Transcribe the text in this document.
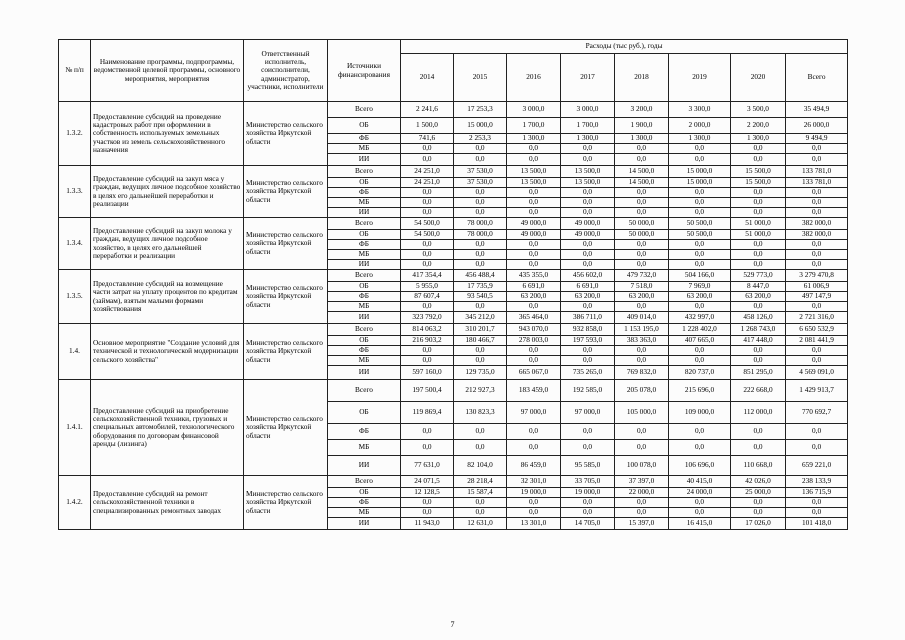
№ п/п	Наименование программы, подпрограммы, ведомственной целевой программы, основного мероприятия, мероприятия	Ответственный исполнитель, соисполнители, администратор, участники, исполнители	Источники финансирования	Расходы (тыс руб.), годы							
				2014	2015	2016	2017	2018	2019	2020	Всего
1.3.2.	Предоставление субсидий на проведение кадастровых работ при оформлении в собственность используемых земельных участков из земель сельскохозяйственного назначения	Министерство сельского хозяйства Иркутской области	Всего	2 241,6	17 253,3	3 000,0	3 000,0	3 200,0	3 300,0	3 500,0	35 494,9
			ОБ	1 500,0	15 000,0	1 700,0	1 700,0	1 900,0	2 000,0	2 200,0	26 000,0
			ФБ	741,6	2 253,3	1 300,0	1 300,0	1 300,0	1 300,0	1 300,0	9 494,9
			МБ	0,0	0,0	0,0	0,0	0,0	0,0	0,0	0,0
			ИИ	0,0	0,0	0,0	0,0	0,0	0,0	0,0	0,0
1.3.3.	Предоставление субсидий на закуп мяса у граждан, ведущих личное подсобное хозяйство в целях его дальнейшей переработки и реализации	Министерство сельского хозяйства Иркутской области	Всего	24 251,0	37 530,0	13 500,0	13 500,0	14 500,0	15 000,0	15 500,0	133 781,0
			ОБ	24 251,0	37 530,0	13 500,0	13 500,0	14 500,0	15 000,0	15 500,0	133 781,0
			ФБ	0,0	0,0	0,0	0,0	0,0	0,0	0,0	0,0
			МБ	0,0	0,0	0,0	0,0	0,0	0,0	0,0	0,0
			ИИ	0,0	0,0	0,0	0,0	0,0	0,0	0,0	0,0
1.3.4.	Предоставление субсидий на закуп молока у граждан, ведущих личное подсобное хозяйство, в целях его дальнейшей переработки и реализации	Министерство сельского хозяйства Иркутской области	Всего	54 500,0	78 000,0	49 000,0	49 000,0	50 000,0	50 500,0	51 000,0	382 000,0
			ОБ	54 500,0	78 000,0	49 000,0	49 000,0	50 000,0	50 500,0	51 000,0	382 000,0
			ФБ	0,0	0,0	0,0	0,0	0,0	0,0	0,0	0,0
			МБ	0,0	0,0	0,0	0,0	0,0	0,0	0,0	0,0
			ИИ	0,0	0,0	0,0	0,0	0,0	0,0	0,0	0,0
1.3.5.	Предоставление субсидий на возмещение части затрат на уплату процентов по кредитам (займам), взятым малыми формами хозяйствования	Министерство сельского хозяйства Иркутской области	Всего	417 354,4	456 488,4	435 355,0	456 602,0	479 732,0	504 166,0	529 773,0	3 279 470,8
			ОБ	5 955,0	17 735,9	6 691,0	6 691,0	7 518,0	7 969,0	8 447,0	61 006,9
			ФБ	87 607,4	93 540,5	63 200,0	63 200,0	63 200,0	63 200,0	63 200,0	497 147,9
			МБ	0,0	0,0	0,0	0,0	0,0	0,0	0,0	0,0
			ИИ	323 792,0	345 212,0	365 464,0	386 711,0	409 014,0	432 997,0	458 126,0	2 721 316,0
1.4.	Основное мероприятие "Создание условий для технической и технологической модернизации сельского хозяйства"	Министерство сельского хозяйства Иркутской области	Всего	814 063,2	310 201,7	943 070,0	932 858,0	1 153 195,0	1 228 402,0	1 268 743,0	6 650 532,9
			ОБ	216 903,2	180 466,7	278 003,0	197 593,0	383 363,0	407 665,0	417 448,0	2 081 441,9
			ФБ	0,0	0,0	0,0	0,0	0,0	0,0	0,0	0,0
			МБ	0,0	0,0	0,0	0,0	0,0	0,0	0,0	0,0
			ИИ	597 160,0	129 735,0	665 067,0	735 265,0	769 832,0	820 737,0	851 295,0	4 569 091,0
1.4.1.	Предоставление субсидий на приобретение сельскохозяйственной техники, грузовых и специальных автомобилей, технологического оборудования по договорам финансовой аренды (лизинга)	Министерство сельского хозяйства Иркутской области	Всего	197 500,4	212 927,3	183 459,0	192 585,0	205 078,0	215 696,0	222 668,0	1 429 913,7
			ОБ	119 869,4	130 823,3	97 000,0	97 000,0	105 000,0	109 000,0	112 000,0	770 692,7
			ФБ	0,0	0,0	0,0	0,0	0,0	0,0	0,0	0,0
			МБ	0,0	0,0	0,0	0,0	0,0	0,0	0,0	0,0
			ИИ	77 631,0	82 104,0	86 459,0	95 585,0	100 078,0	106 696,0	110 668,0	659 221,0
1.4.2.	Предоставление субсидий на ремонт сельскохозяйственной техники в специализированных ремонтных заводах	Министерство сельского хозяйства Иркутской области	Всего	24 071,5	28 218,4	32 301,0	33 705,0	37 397,0	40 415,0	42 026,0	238 133,9
			ОБ	12 128,5	15 587,4	19 000,0	19 000,0	22 000,0	24 000,0	25 000,0	136 715,9
			ФБ	0,0	0,0	0,0	0,0	0,0	0,0	0,0	0,0
			МБ	0,0	0,0	0,0	0,0	0,0	0,0	0,0	0,0
			ИИ	11 943,0	12 631,0	13 301,0	14 705,0	15 397,0	16 415,0	17 026,0	101 418,0
7
